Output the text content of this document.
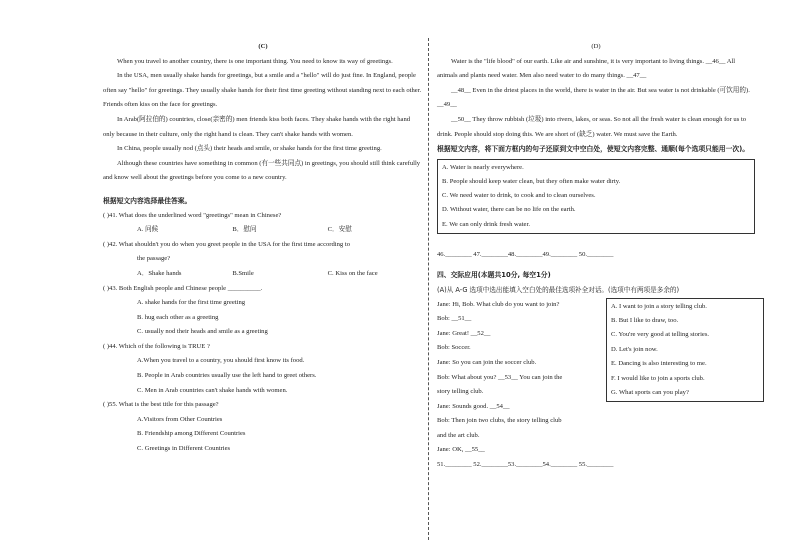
(C)

When you travel to another country, there is one important thing. You need to know its way of greetings.

In the USA, men usually shake hands for greetings, but a smile and a "hello" will do just fine. In England, people often say "hello" for greetings. They usually shake hands for their first time greeting without standing next to each other. Friends often kiss on the face for greetings.

In Arab(阿拉伯的) countries, close(亲密的) men friends kiss both faces. They shake hands with the right hand only because in their culture, only the right hand is clean. They can't shake hands with women.

In China, people usually nod (点头) their heads and smile, or shake hands for the first time greeting.

Although these countries have something in common (有一些共同点) in greetings, you should still think carefully and know well about the greetings before you come to a new country.

根据短文内容选择最佳答案。
( )41. What does the underlined word "greetings" mean in Chinese?
A. 问候	B．慰问	C．安慰
( )42. What shouldn't you do when you greet people in the USA for the first time according to
the passage?
A．Shake hands	B.Smile	C. Kiss on the face
( )43. Both English people and Chinese people __________.
A. shake hands for the first time greeting
B. hug each other as a greeting
C. usually nod their heads and smile as a greeting
( )44. Which of the following is TRUE ?
A.When you travel to a country, you should first know its food.
B. People in Arab countries usually use the left hand to greet others.
C. Men in Arab countries can't shake hands with women.
( )55. What is the best title for this passage?
A.Visitors from Other Countries
B. Friendship among Different Countries
C. Greetings in Different Countries
(D)

Water is the "life blood" of our earth. Like air and sunshine, it is very important to living things. __46__ All animals and plants need water. Men also need water to do many things. __47__

__48__ Even in the driest places in the world, there is water in the air. But sea water is not drinkable (可饮用的). __49__

__50__ They throw rubbish (垃圾) into rivers, lakes, or seas. So not all the fresh water is clean enough for us to drink. People should stop doing this. We are short of (缺乏) water. We must save the Earth.

根据短文内容，将下面方框内的句子还原到文中空白处，使短文内容完整、通顺(每个选项只能用一次)。
A. Water is nearly everywhere.
B. People should keep water clean, but they often make water dirty.
C. We need water to drink, to cook and to clean ourselves.
D. Without water, there can be no life on the earth.
E. We can only drink fresh water.
46.________ 47.________48.________49.________ 50.________
四、交际应用(本题共10分, 每空1分)
(A)从 A-G 选项中选出能填入空白处的最佳选项补全对话。(选项中有两项是多余的)
Jane: Hi, Bob. What club do you want to join?
Bob: __51__
Jane: Great! __52__
Bob: Soccer.
Jane: So you can join the soccer club.
Bob: What about you? __53__ You can join the
story telling club.
Jane: Sounds good. __54__
Bob: Then join two clubs, the story telling club
and the art club.
Jane: OK, __55__
A. I want to join a story telling club.
B. But I like to draw, too.
C. You're very good at telling stories.
D. Let's join now.
E. Dancing is also interesting to me.
F. I would like to join a sports club.
G. What sports can you play?
51.________ 52.________53.________54.________ 55.________
